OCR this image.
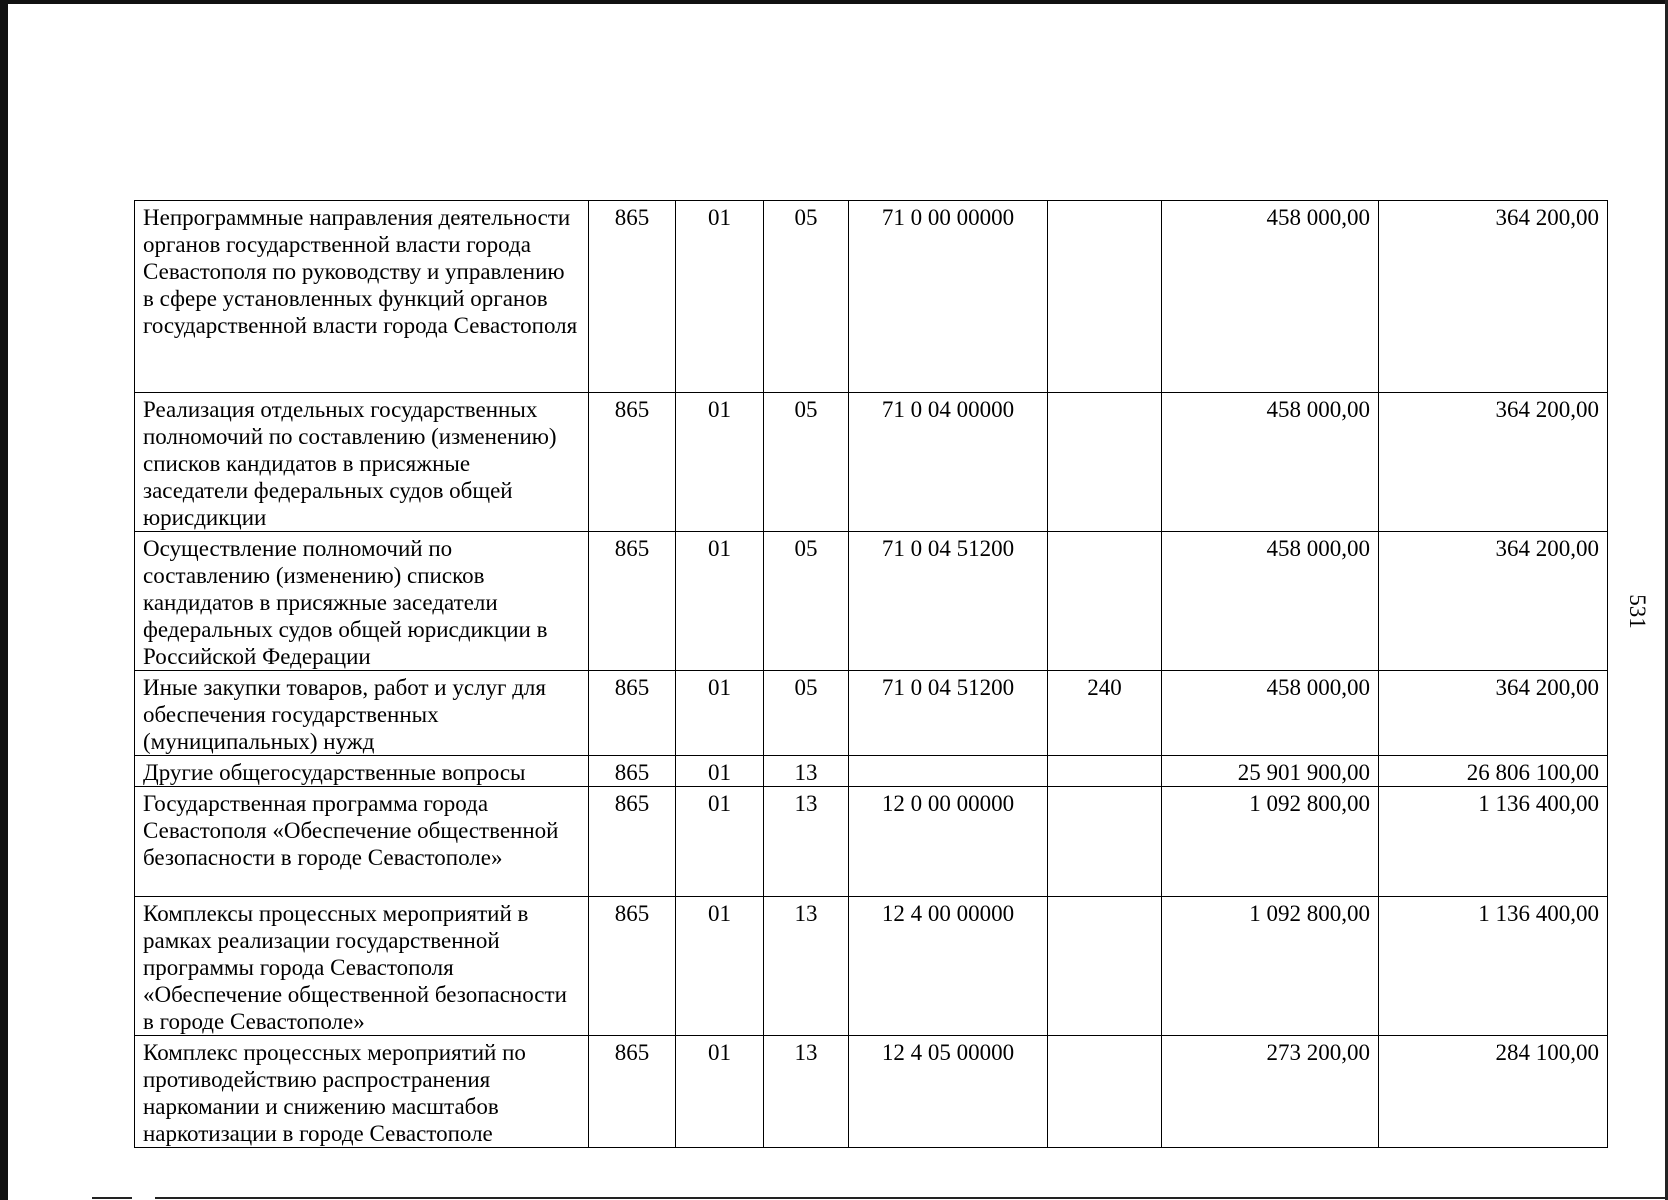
Непрограммные направления деятельности органов государственной власти города Севастополя по руководству и управлению в сфере установленных функций органов государственной власти города Севастополя	865	01	05	71 0 00 00000		458 000,00	364 200,00
Реализация отдельных государственных полномочий по составлению (изменению) списков кандидатов в присяжные заседатели федеральных судов общей юрисдикции	865	01	05	71 0 04 00000		458 000,00	364 200,00
Осуществление полномочий по составлению (изменению) списков кандидатов в присяжные заседатели федеральных судов общей юрисдикции в Российской Федерации	865	01	05	71 0 04 51200		458 000,00	364 200,00
Иные закупки товаров, работ и услуг для обеспечения государственных (муниципальных) нужд	865	01	05	71 0 04 51200	240	458 000,00	364 200,00
Другие общегосударственные вопросы	865	01	13			25 901 900,00	26 806 100,00
Государственная программа города Севастополя «Обеспечение общественной безопасности в городе Севастополе»	865	01	13	12 0 00 00000		1 092 800,00	1 136 400,00
Комплексы процессных мероприятий в рамках реализации государственной программы города Севастополя «Обеспечение общественной безопасности в городе Севастополе»	865	01	13	12 4 00 00000		1 092 800,00	1 136 400,00
Комплекс процессных мероприятий по противодействию распространения наркомании и снижению масштабов наркотизации в городе Севастополе	865	01	13	12 4 05 00000		273 200,00	284 100,00
531
